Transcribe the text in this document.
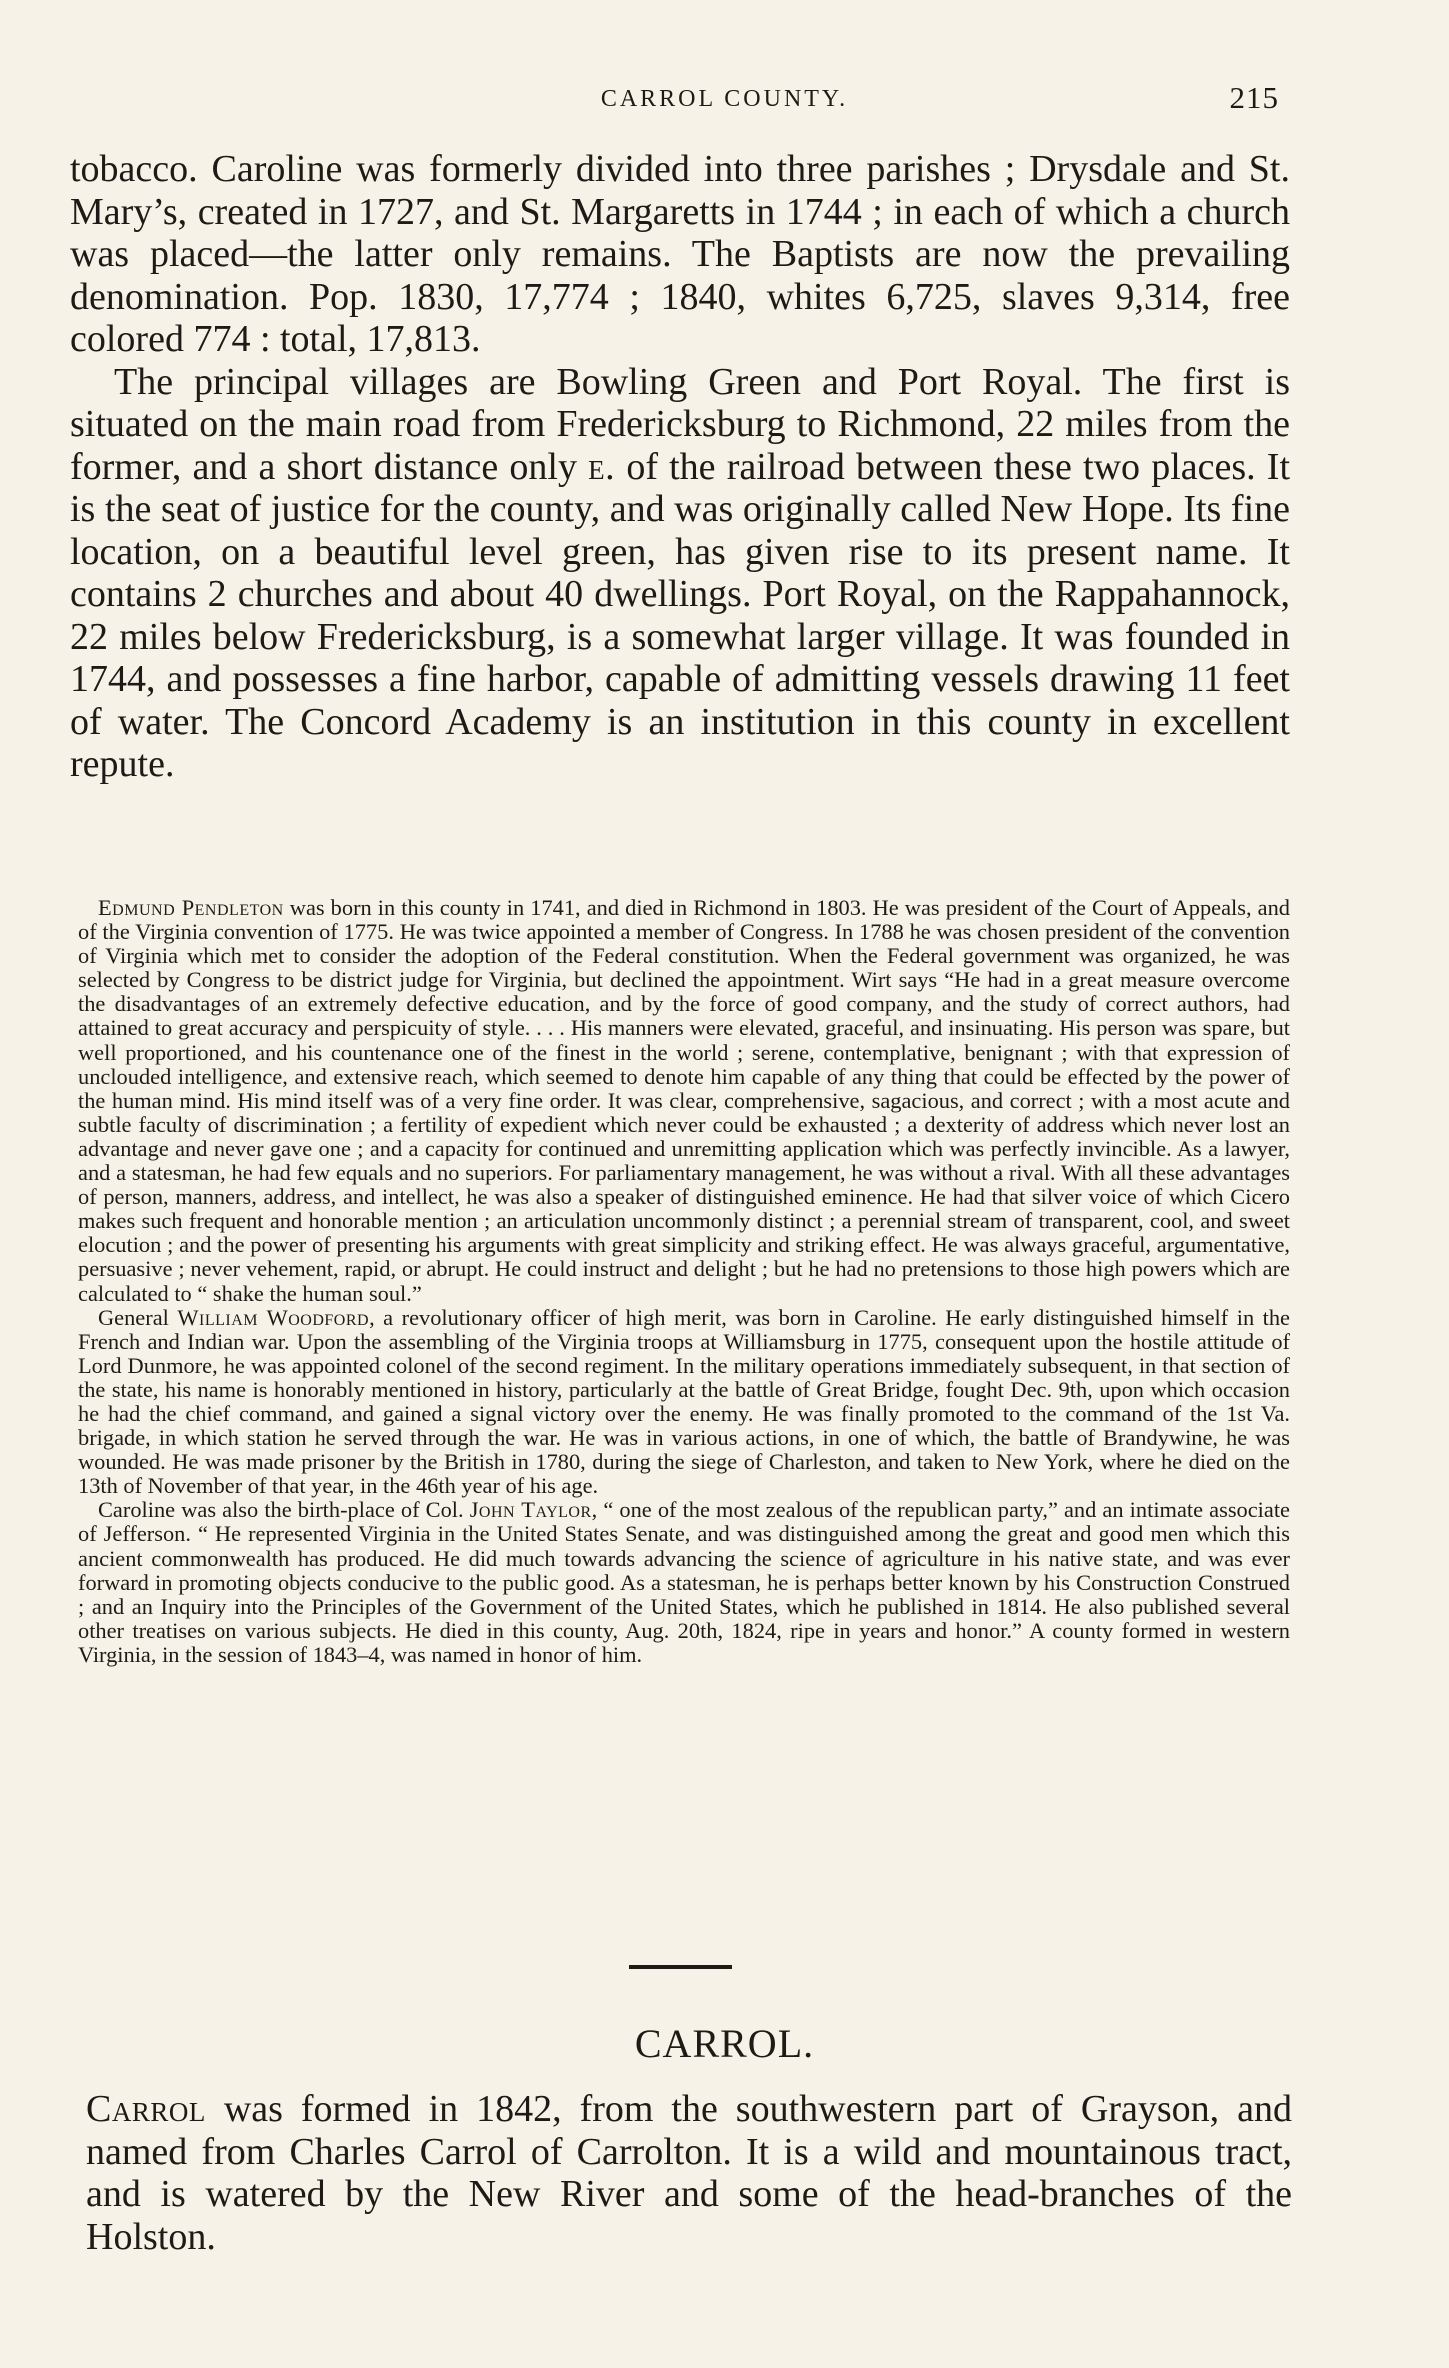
CARROL COUNTY.	215

tobacco. Caroline was formerly divided into three parishes ; Drysdale and St. Mary’s, created in 1727, and St. Margaretts in 1744 ; in each of which a church was placed—the latter only remains. The Baptists are now the prevailing denomination. Pop. 1830, 17,774 ; 1840, whites 6,725, slaves 9,314, free colored 774 : total, 17,813.

The principal villages are Bowling Green and Port Royal. The first is situated on the main road from Fredericksburg to Richmond, 22 miles from the former, and a short distance only e. of the railroad between these two places. It is the seat of justice for the county, and was originally called New Hope. Its fine location, on a beautiful level green, has given rise to its present name. It contains 2 churches and about 40 dwellings. Port Royal, on the Rappahannock, 22 miles below Fredericksburg, is a somewhat larger village. It was founded in 1744, and possesses a fine harbor, capable of admitting vessels drawing 11 feet of water. The Concord Academy is an institution in this county in excellent repute.

Edmund Pendleton was born in this county in 1741, and died in Richmond in 1803. He was president of the Court of Appeals, and of the Virginia convention of 1775. He was twice appointed a member of Congress. In 1788 he was chosen president of the convention of Virginia which met to consider the adoption of the Federal constitution. When the Federal government was organized, he was selected by Congress to be district judge for Virginia, but declined the appointment. Wirt says “He had in a great measure overcome the disadvantages of an extremely defective education, and by the force of good company, and the study of correct authors, had attained to great accuracy and perspicuity of style. . . . His manners were elevated, graceful, and insinuating. His person was spare, but well proportioned, and his countenance one of the finest in the world ; serene, contemplative, benignant ; with that expression of unclouded intelligence, and extensive reach, which seemed to denote him capable of any thing that could be effected by the power of the human mind. His mind itself was of a very fine order. It was clear, comprehensive, sagacious, and correct ; with a most acute and subtle faculty of discrimination ; a fertility of expedient which never could be exhausted ; a dexterity of address which never lost an advantage and never gave one ; and a capacity for continued and unremitting application which was perfectly invincible. As a lawyer, and a statesman, he had few equals and no superiors. For parliamentary management, he was without a rival. With all these advantages of person, manners, address, and intellect, he was also a speaker of distinguished eminence. He had that silver voice of which Cicero makes such frequent and honorable mention ; an articulation uncommonly distinct ; a perennial stream of transparent, cool, and sweet elocution ; and the power of presenting his arguments with great simplicity and striking effect. He was always graceful, argumentative, persuasive ; never vehement, rapid, or abrupt. He could instruct and delight ; but he had no pretensions to those high powers which are calculated to “ shake the human soul.”

General William Woodford, a revolutionary officer of high merit, was born in Caroline. He early distinguished himself in the French and Indian war. Upon the assembling of the Virginia troops at Williamsburg in 1775, consequent upon the hostile attitude of Lord Dunmore, he was appointed colonel of the second regiment. In the military operations immediately subsequent, in that section of the state, his name is honorably mentioned in history, particularly at the battle of Great Bridge, fought Dec. 9th, upon which occasion he had the chief command, and gained a signal victory over the enemy. He was finally promoted to the command of the 1st Va. brigade, in which station he served through the war. He was in various actions, in one of which, the battle of Brandywine, he was wounded. He was made prisoner by the British in 1780, during the siege of Charleston, and taken to New York, where he died on the 13th of November of that year, in the 46th year of his age.

Caroline was also the birth-place of Col. John Taylor, “ one of the most zealous of the republican party,” and an intimate associate of Jefferson. “ He represented Virginia in the United States Senate, and was distinguished among the great and good men which this ancient commonwealth has produced. He did much towards advancing the science of agriculture in his native state, and was ever forward in promoting objects conducive to the public good. As a statesman, he is perhaps better known by his Construction Construed ; and an Inquiry into the Principles of the Government of the United States, which he published in 1814. He also published several other treatises on various subjects. He died in this county, Aug. 20th, 1824, ripe in years and honor.” A county formed in western Virginia, in the session of 1843–4, was named in honor of him.

CARROL.

Carrol was formed in 1842, from the southwestern part of Grayson, and named from Charles Carrol of Carrolton. It is a wild and mountainous tract, and is watered by the New River and some of the head-branches of the Holston.
